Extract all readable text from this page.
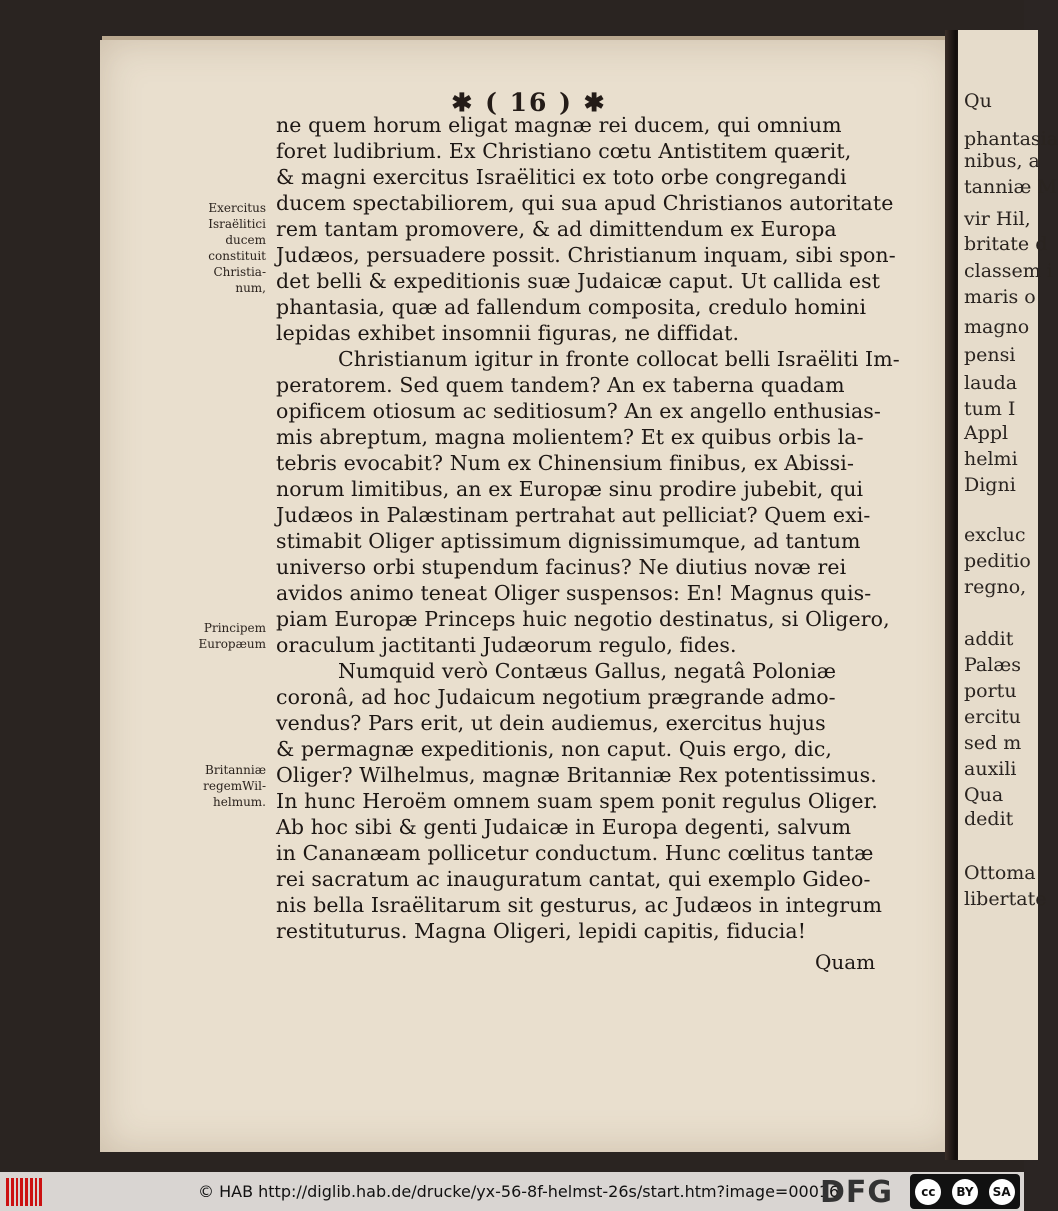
✱ ( 16 ) ✱
Exercitus
Israëlitici
ducem
constituit
Christia-
num,
Principem
Europæum
Britanniæ
regemWil-
helmum.
ne quem horum eligat magnæ rei ducem, qui omnium
foret ludibrium. Ex Christiano cœtu Antistitem quærit,
& magni exercitus Israëlitici ex toto orbe congregandi
ducem spectabiliorem, qui sua apud Christianos autoritate
rem tantam promovere, & ad dimittendum ex Europa
Judæos, persuadere possit. Christianum inquam, sibi spon-
det belli & expeditionis suæ Judaicæ caput. Ut callida est
phantasia, quæ ad fallendum composita, credulo homini
lepidas exhibet insomnii figuras, ne diffidat.
Christianum igitur in fronte collocat belli Israëliti Im-
peratorem. Sed quem tandem? An ex taberna quadam
opificem otiosum ac seditiosum? An ex angello enthusias-
mis abreptum, magna molientem? Et ex quibus orbis la-
tebris evocabit? Num ex Chinensium finibus, ex Abissi-
norum limitibus, an ex Europæ sinu prodire jubebit, qui
Judæos in Palæstinam pertrahat aut pelliciat? Quem exi-
stimabit Oliger aptissimum dignissimumque, ad tantum
universo orbi stupendum facinus? Ne diutius novæ rei
avidos animo teneat Oliger suspensos: En! Magnus quis-
piam Europæ Princeps huic negotio destinatus, si Oligero,
oraculum jactitanti Judæorum regulo, fides.
Numquid verò Contæus Gallus, negatâ Poloniæ
coronâ, ad hoc Judaicum negotium prægrande admo-
vendus? Pars erit, ut dein audiemus, exercitus hujus
& permagnæ expeditionis, non caput. Quis ergo, dic,
Oliger? Wilhelmus, magnæ Britanniæ Rex potentissimus.
In hunc Heroëm omnem suam spem ponit regulus Oliger.
Ab hoc sibi & genti Judaicæ in Europa degenti, salvum
in Cananæam pollicetur conductum. Hunc cœlitus tantæ
rei sacratum ac inauguratum cantat, qui exemplo Gideo-
nis bella Israëlitarum sit gesturus, ac Judæos in integrum
restituturus. Magna Oligeri, lepidi capitis, fiducia!
Quam
Qu
phantasia
nibus, a
tanniæ M
vir Hil,
britate d
classem i
maris o
magno
pensi
lauda
tum I
Appl
helmi
Digni
excluc
peditio
regno,
addit
Palæs
portu
ercitu
sed m
auxili
Qua
dedit
Ottoma
libertate
© HAB http://diglib.hab.de/drucke/yx-56-8f-helmst-26s/start.htm?image=00016
DFG	cc	BY	SA
